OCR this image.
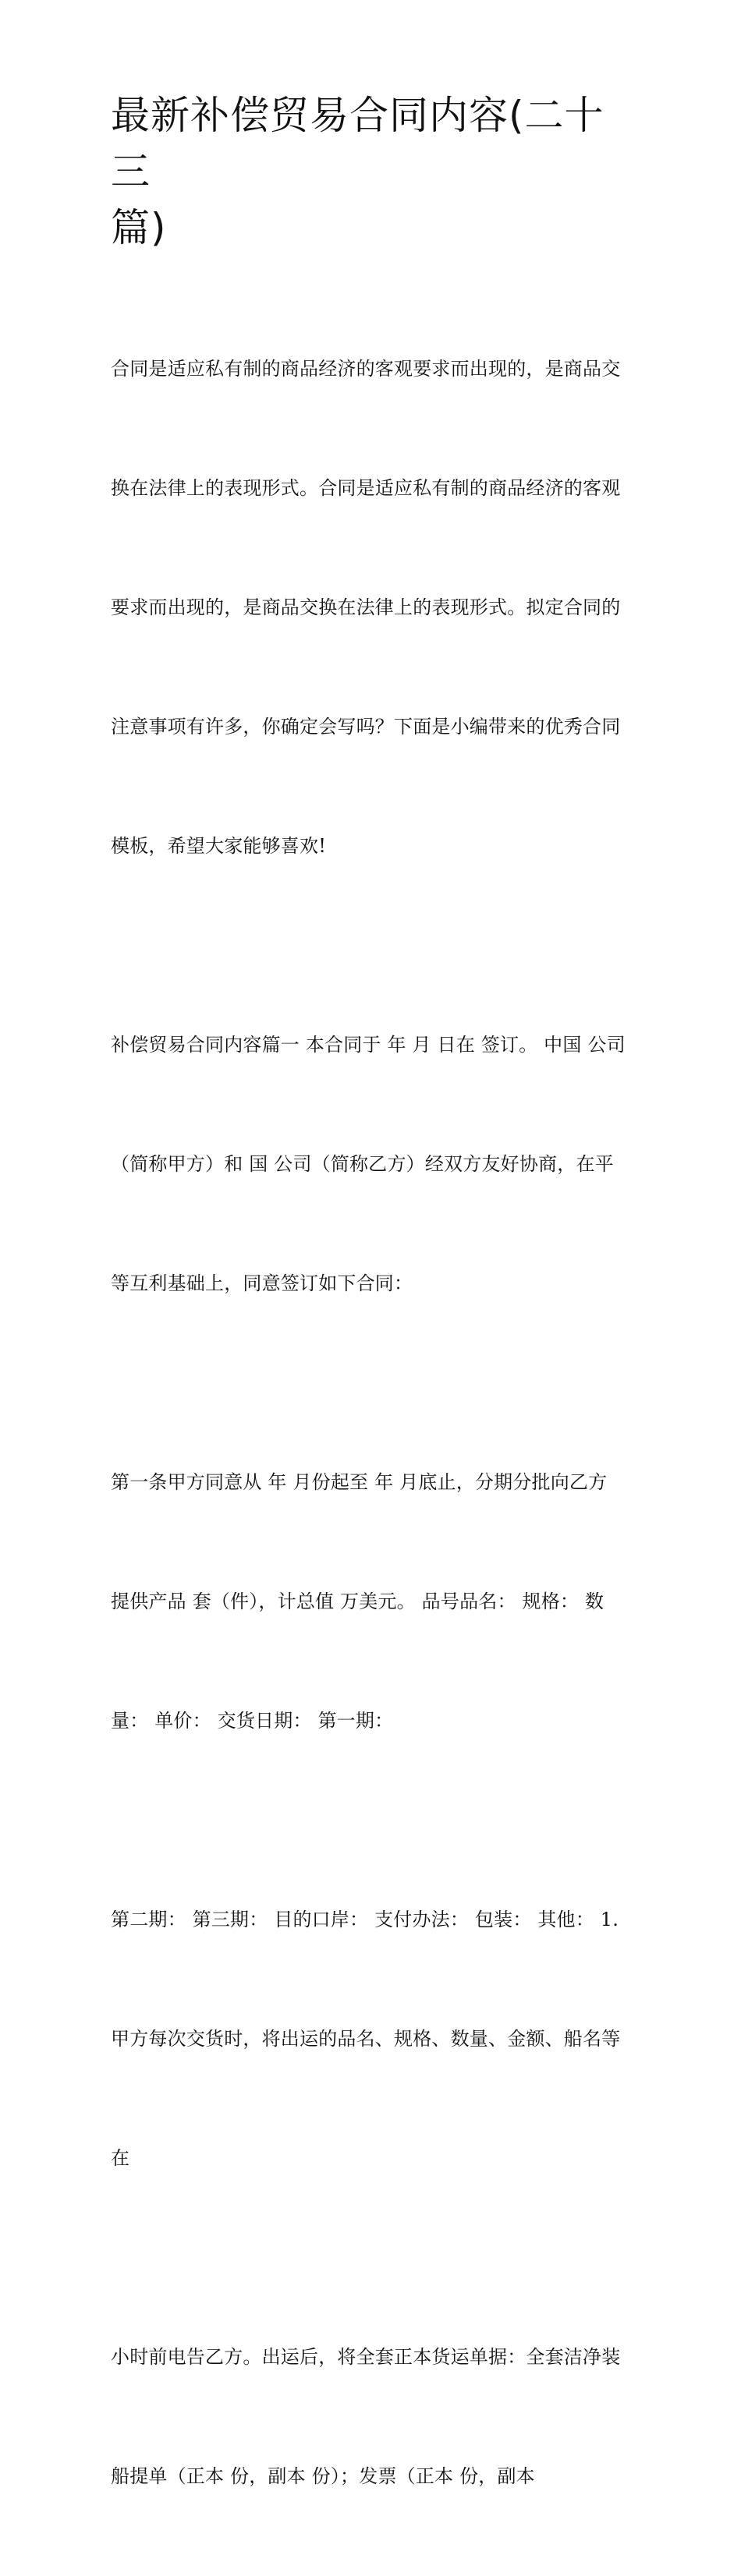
最新补偿贸易合同内容(二十三
篇)

合同是适应私有制的商品经济的客观要求而出现的，是商品交

换在法律上的表现形式。合同是适应私有制的商品经济的客观

要求而出现的，是商品交换在法律上的表现形式。拟定合同的

注意事项有许多，你确定会写吗？下面是小编带来的优秀合同

模板，希望大家能够喜欢!

补偿贸易合同内容篇一 本合同于 年 月 日在 签订。 中国 公司

（简称甲方）和 国 公司（简称乙方）经双方友好协商，在平

等互利基础上，同意签订如下合同：

第一条甲方同意从 年 月份起至 年 月底止，分期分批向乙方

提供产品 套（件），计总值 万美元。 品号品名： 规格： 数

量： 单价： 交货日期： 第一期：

第二期： 第三期： 目的口岸： 支付办法： 包装： 其他： 1.

甲方每次交货时，将出运的品名、规格、数量、金额、船名等

在

小时前电告乙方。出运后，将全套正本货运单据：全套洁净装

船提单（正本 份，副本 份）；发票（正本 份，副本
